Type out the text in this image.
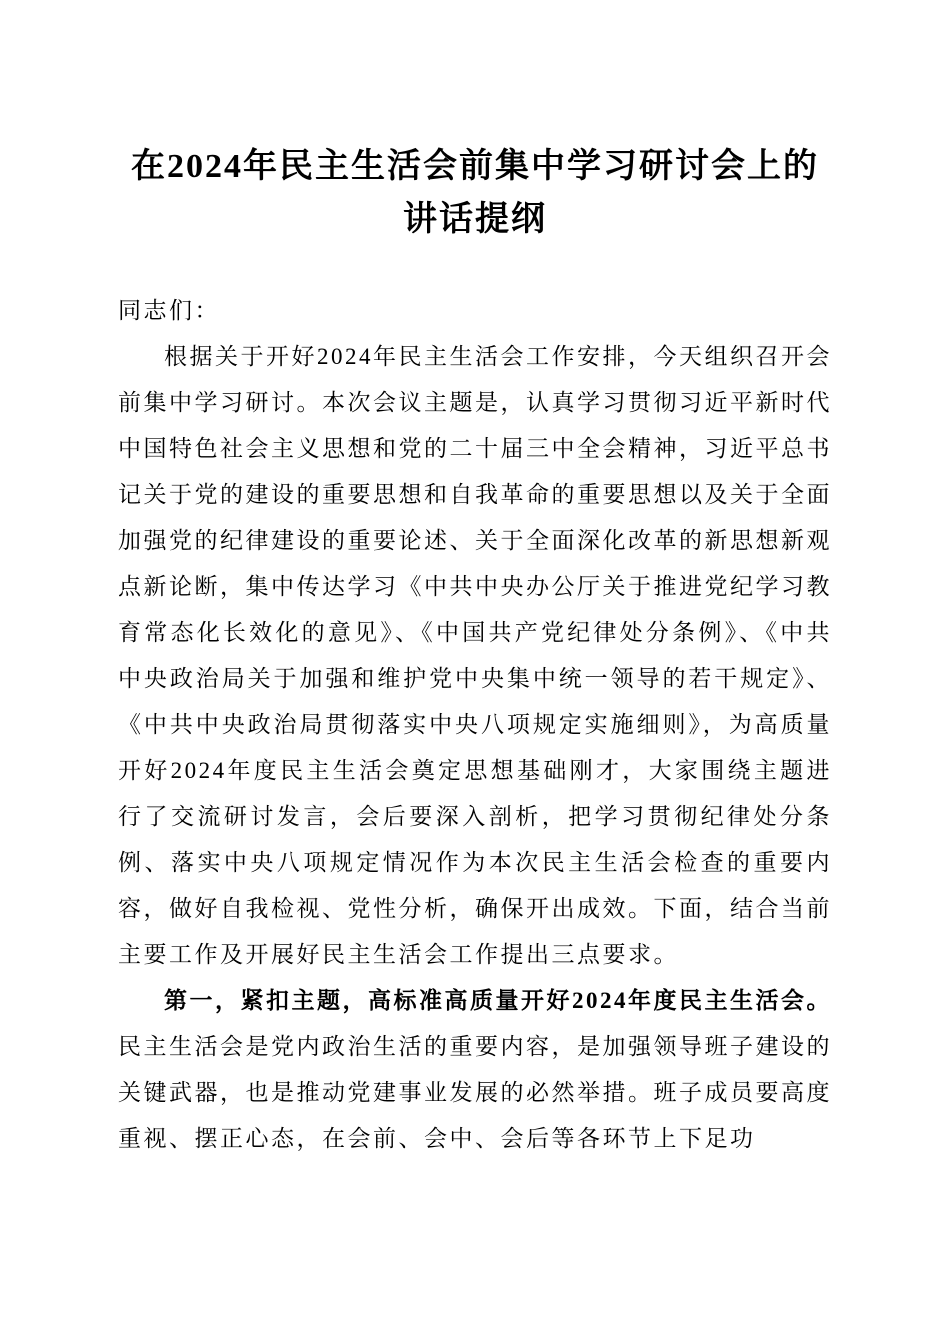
在2024年民主生活会前集中学习研讨会上的讲话提纲

同志们：

根据关于开好2024年民主生活会工作安排，今天组织召开会前集中学习研讨。本次会议主题是，认真学习贯彻习近平新时代中国特色社会主义思想和党的二十届三中全会精神，习近平总书记关于党的建设的重要思想和自我革命的重要思想以及关于全面加强党的纪律建设的重要论述、关于全面深化改革的新思想新观点新论断，集中传达学习《中共中央办公厅关于推进党纪学习教育常态化长效化的意见》、《中国共产党纪律处分条例》、《中共中央政治局关于加强和维护党中央集中统一领导的若干规定》、《中共中央政治局贯彻落实中央八项规定实施细则》，为高质量开好2024年度民主生活会奠定思想基础刚才，大家围绕主题进行了交流研讨发言，会后要深入剖析，把学习贯彻纪律处分条例、落实中央八项规定情况作为本次民主生活会检查的重要内容，做好自我检视、党性分析，确保开出成效。下面，结合当前主要工作及开展好民主生活会工作提出三点要求。

第一，紧扣主题，高标准高质量开好2024年度民主生活会。民主生活会是党内政治生活的重要内容，是加强领导班子建设的关键武器，也是推动党建事业发展的必然举措。班子成员要高度重视、摆正心态，在会前、会中、会后等各环节上下足功
